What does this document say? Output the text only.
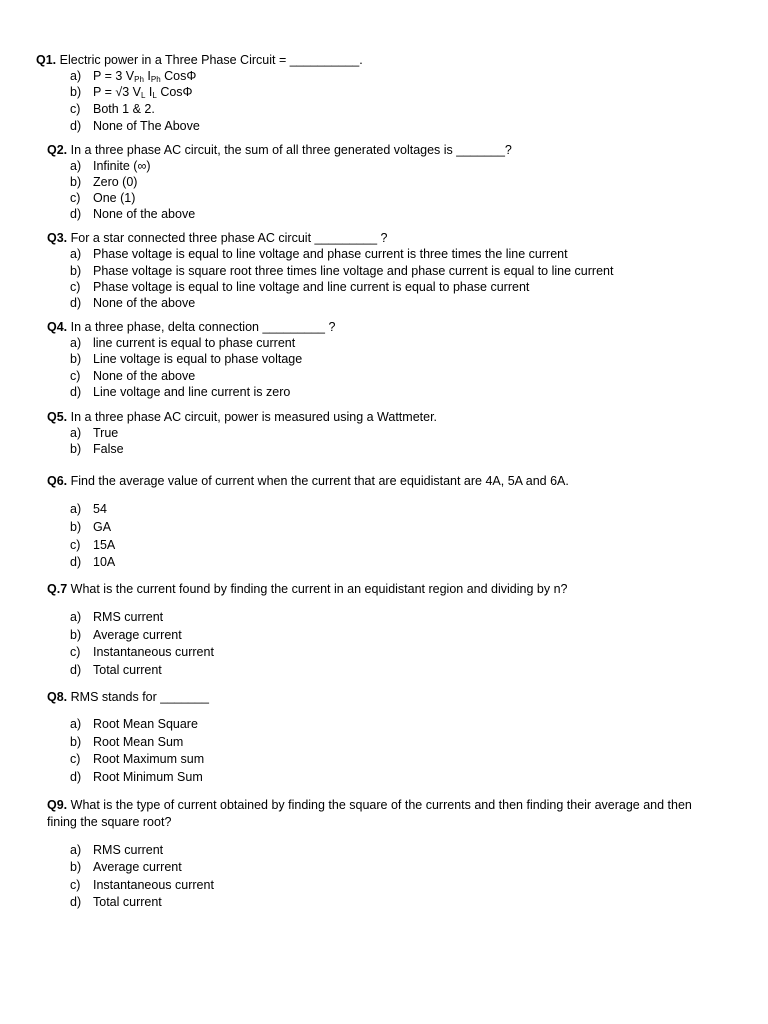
Q1. Electric power in a Three Phase Circuit = __________.
a) P = 3 $V_{Ph}$ $I_{Ph}$ CosΦ
b) P = √3 $V_L$ $I_L$ CosΦ
c) Both 1 & 2.
d) None of The Above
Q2. In a three phase AC circuit, the sum of all three generated voltages is _______?
a) Infinite (∞)
b) Zero (0)
c) One (1)
d) None of the above
Q3. For a star connected three phase AC circuit _________ ?
a) Phase voltage is equal to line voltage and phase current is three times the line current
b) Phase voltage is square root three times line voltage and phase current is equal to line current
c) Phase voltage is equal to line voltage and line current is equal to phase current
d) None of the above
Q4. In a three phase, delta connection _________ ?
a) line current is equal to phase current
b) Line voltage is equal to phase voltage
c) None of the above
d) Line voltage and line current is zero
Q5. In a three phase AC circuit, power is measured using a Wattmeter.
a) True
b) False
Q6. Find the average value of current when the current that are equidistant are 4A, 5A and 6A.
a) 54
b) GA
c) 15A
d) 10A
Q.7 What is the current found by finding the current in an equidistant region and dividing by n?
a) RMS current
b) Average current
c) Instantaneous current
d) Total current
Q8. RMS stands for _______
a) Root Mean Square
b) Root Mean Sum
c) Root Maximum sum
d) Root Minimum Sum
Q9. What is the type of current obtained by finding the square of the currents and then finding their average and then fining the square root?
a) RMS current
b) Average current
c) Instantaneous current
d) Total current
